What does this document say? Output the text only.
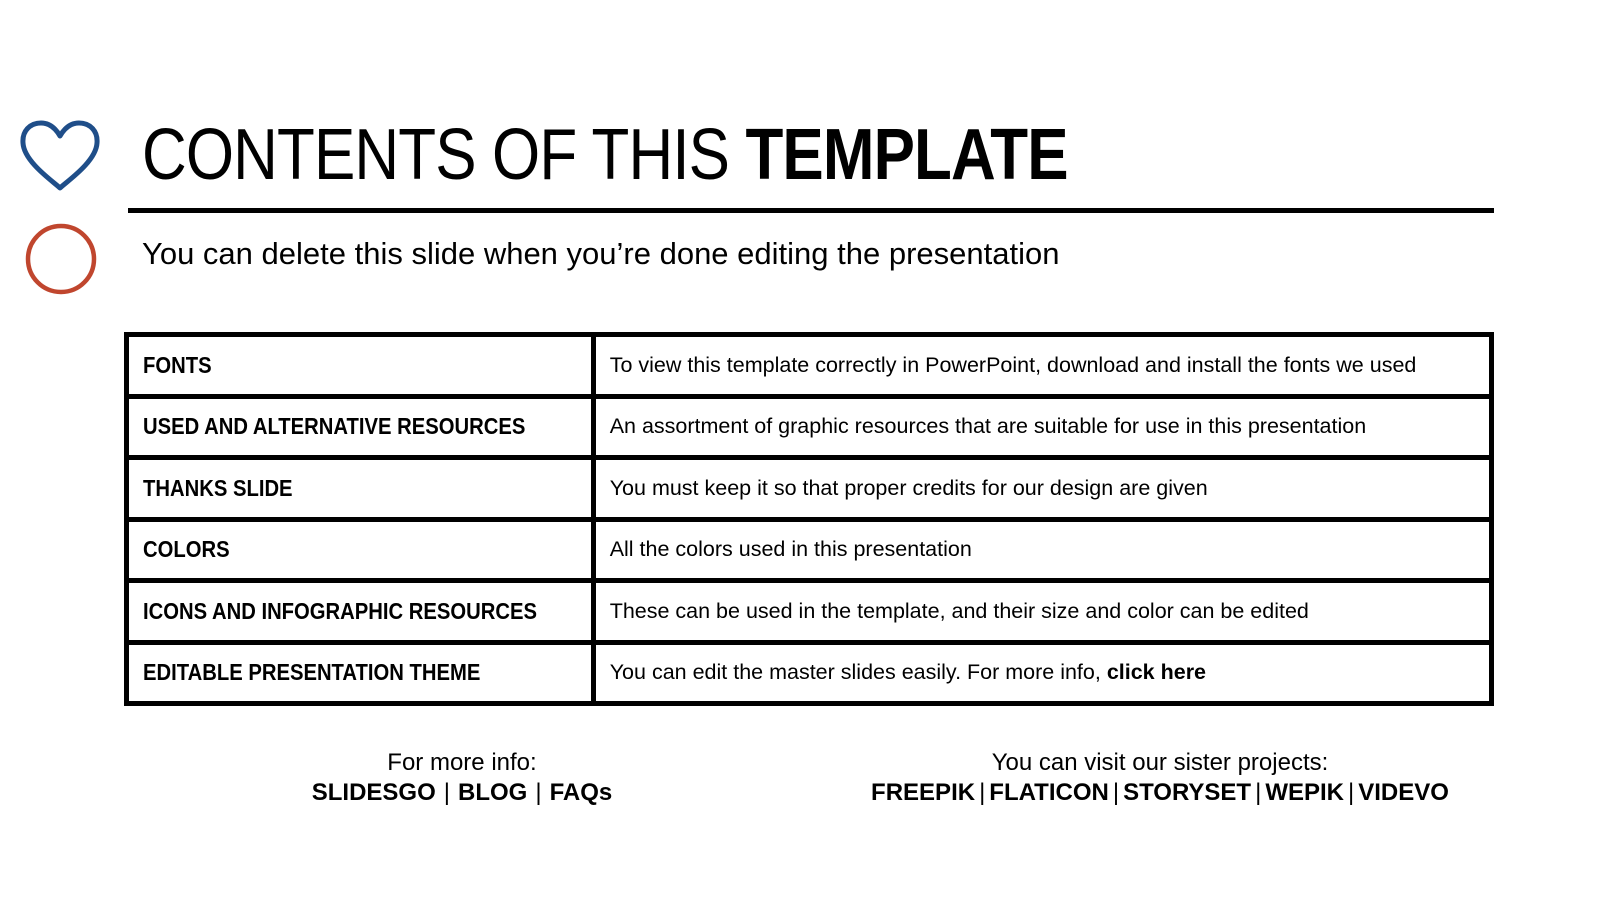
CONTENTS OF THIS TEMPLATE

You can delete this slide when you’re done editing the presentation

FONTS	To view this template correctly in PowerPoint, download and install the fonts we used
USED AND ALTERNATIVE RESOURCES	An assortment of graphic resources that are suitable for use in this presentation
THANKS SLIDE	You must keep it so that proper credits for our design are given
COLORS	All the colors used in this presentation
ICONS AND INFOGRAPHIC RESOURCES	These can be used in the template, and their size and color can be edited
EDITABLE PRESENTATION THEME	You can edit the master slides easily. For more info, click here
For more info:
SLIDESGO | BLOG | FAQs
You can visit our sister projects:
FREEPIK | FLATICON | STORYSET | WEPIK | VIDEVO
